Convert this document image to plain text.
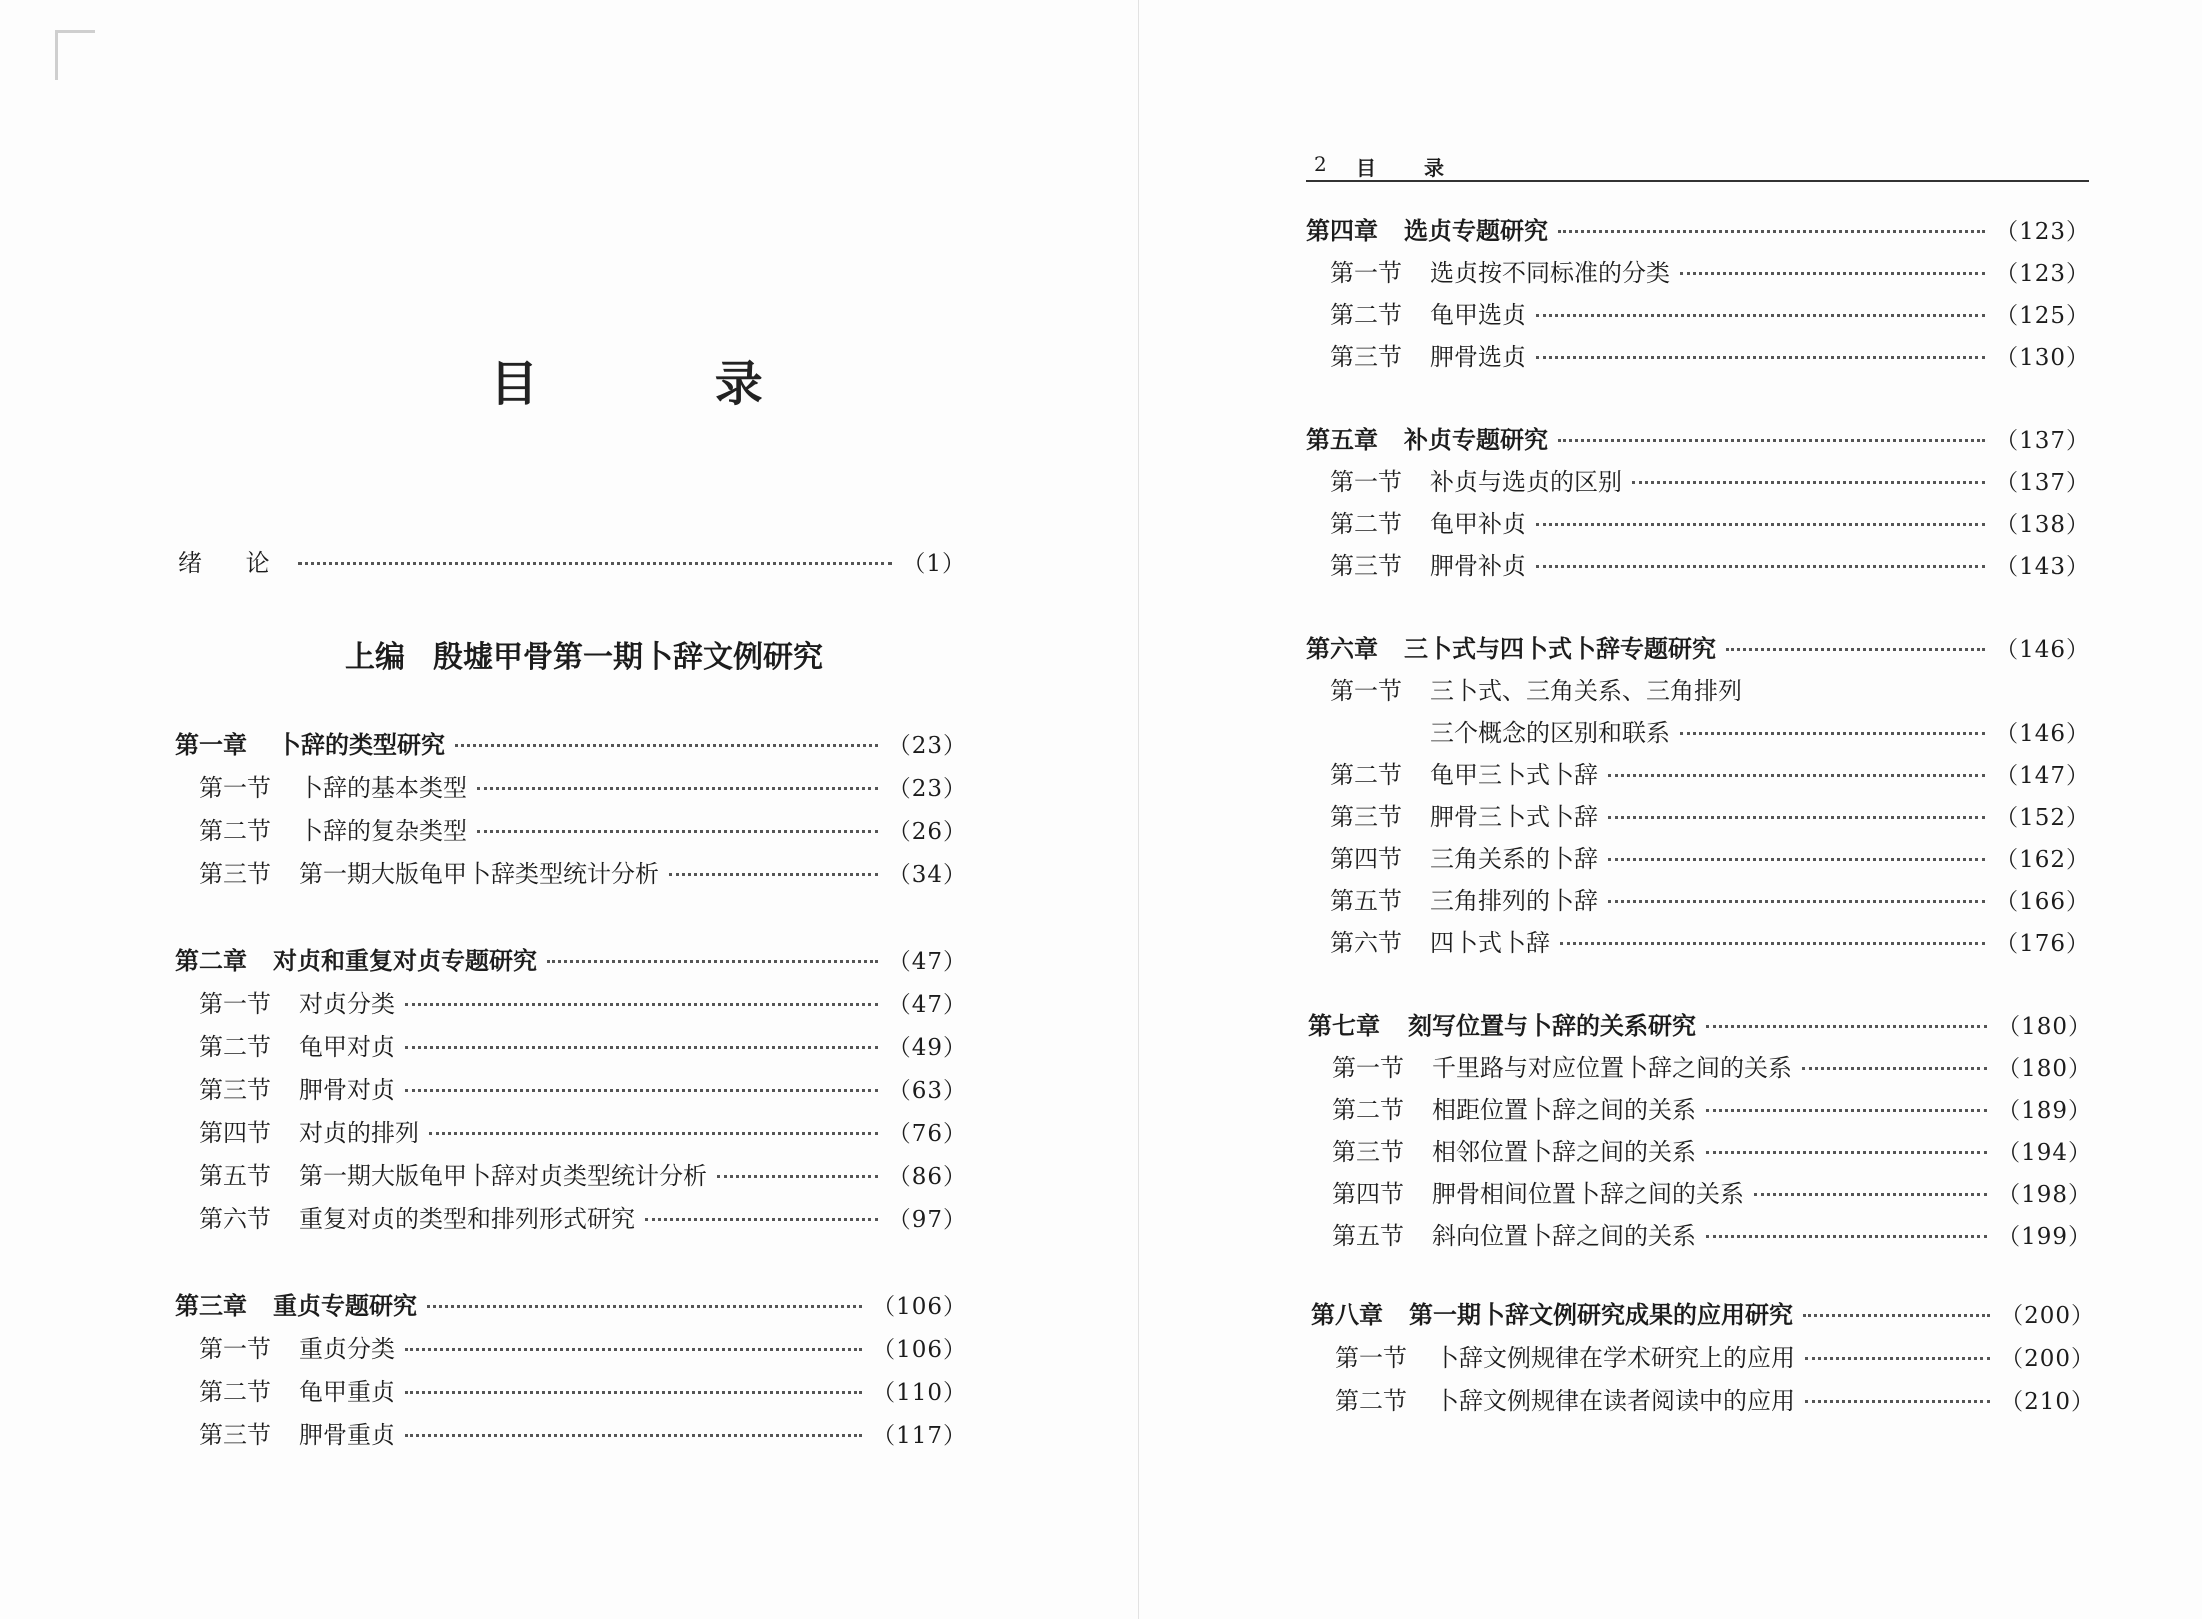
目 录
绪 论	（1）
上编 殷墟甲骨第一期卜辞文例研究
第一章	卜辞的类型研究	（23）
第一节	卜辞的基本类型	（23）
第二节	卜辞的复杂类型	（26）
第三节	第一期大版龟甲卜辞类型统计分析	（34）
第二章	对贞和重复对贞专题研究	（47）
第一节	对贞分类	（47）
第二节	龟甲对贞	（49）
第三节	胛骨对贞	（63）
第四节	对贞的排列	（76）
第五节	第一期大版龟甲卜辞对贞类型统计分析	（86）
第六节	重复对贞的类型和排列形式研究	（97）
第三章	重贞专题研究	（106）
第一节	重贞分类	（106）
第二节	龟甲重贞	（110）
第三节	胛骨重贞	（117）
2 目 录
第四章	选贞专题研究	（123）
第一节	选贞按不同标准的分类	（123）
第二节	龟甲选贞	（125）
第三节	胛骨选贞	（130）
第五章	补贞专题研究	（137）
第一节	补贞与选贞的区别	（137）
第二节	龟甲补贞	（138）
第三节	胛骨补贞	（143）
第六章	三卜式与四卜式卜辞专题研究	（146）
第一节	三卜式、三角关系、三角排列
三个概念的区别和联系	（146）
第二节	龟甲三卜式卜辞	（147）
第三节	胛骨三卜式卜辞	（152）
第四节	三角关系的卜辞	（162）
第五节	三角排列的卜辞	（166）
第六节	四卜式卜辞	（176）
第七章	刻写位置与卜辞的关系研究	（180）
第一节	千里路与对应位置卜辞之间的关系	（180）
第二节	相距位置卜辞之间的关系	（189）
第三节	相邻位置卜辞之间的关系	（194）
第四节	胛骨相间位置卜辞之间的关系	（198）
第五节	斜向位置卜辞之间的关系	（199）
第八章	第一期卜辞文例研究成果的应用研究	（200）
第一节	卜辞文例规律在学术研究上的应用	（200）
第二节	卜辞文例规律在读者阅读中的应用	（210）
